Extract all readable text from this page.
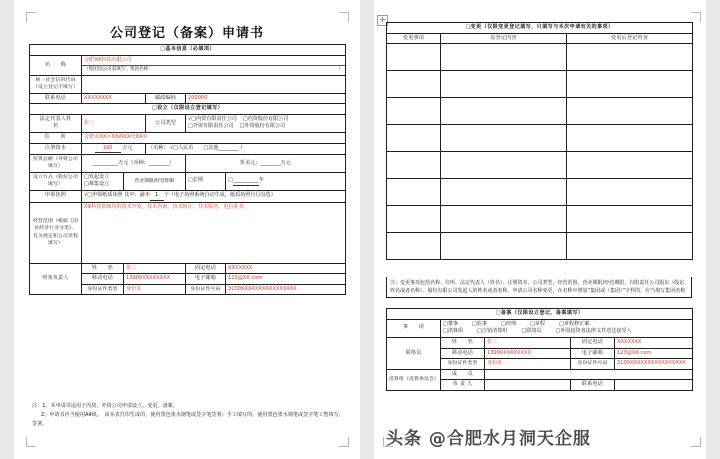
✛
公司登记（备案）申请书
□基本信息（必填项）					
名　　称	合肥XX科技有限公司				
	（集团母公司需填写：集团名称： ）				

统一社会信用代码（设立登记不填写）					
联系电话	XXXXXXXX		邮政编码	200000	
□设立（仅限设立登记填写）					
法定代表人姓　　名	张三		公司类型	√□内资有限责任公司 □内资股份有限公司
□外资有限责任公司 □外资股份有限公司	

住　　所	合肥市XX区XX路XX号XX室				
注册资本	100 万元		（币种： √□人民币 □其他________ ）		
投资总额（外资公司填写）	__________万元（币种：________）			折美元：________万元	
设立方式（股份公司填写）	□发起设立
□募集设立	营业期限/经营期限		□长期	□__________年
申领执照	√□申领纸质执照 其中：副本 1 个（电子执照系统自动生成，纸质执照自行勾选）				
经营范围（根据《国民经济行业分类》、有关规定和公司章程填写）	XX科技领域内的技术开发、技术咨询、技术转让、技术服务、电信业务。				
财务负责人	姓　　名	张三		固定电话	XXXXXXX
	移动电话	13900XXXXXXXX		电子邮箱	123@XX.com
	身份证件类型	身份证		身份证件号码	3100XXXXXXXXXXXXXXXX

注：1、本申请书适用于内资、外资公司申请设立、变更、备案。

2、申请书应当使用A4纸。　由本表打印生成的，使用黑色墨水钢笔或签字笔签署；手工填写的，使用黑色墨水钢笔或签字笔工整填写、签署。

□变更（仅限变更登记填写，只填写与本次申请有关的事项）		
变更事项	原登记内容	变更后登记内容

注：变更事项包括名称、住所、法定代表人（姓名）、注册资本、公司类型、经营范围、营业期限/经营期限、有限责任公司股东（股东姓名或者名称）、股份有限公司发起人的姓名或者名称。申请公司名称变更，在名称中增加“集团或（集团）”字样的，应当填写集团名称
□备案（仅限设立登记、备案填写）				
事　　项	□董事 □监事 □经理 □章程 □章程修正案
□清算组 □注销清算组 □联络员 □外国投资者法律文件送达接受人			

联络员	姓　　名	张三	固定电话	XXXXXXX
	移动电话	13900XXXXXXXX	电子邮箱	123@XX.com
	身份证件类型	身份证	身份证件号码	3100XXXXXXXXXXXXXXXX
清算组（清算委员会）	成　　员			
	负 责 人		联系电话	
头条 @合肥水月洞天企服
